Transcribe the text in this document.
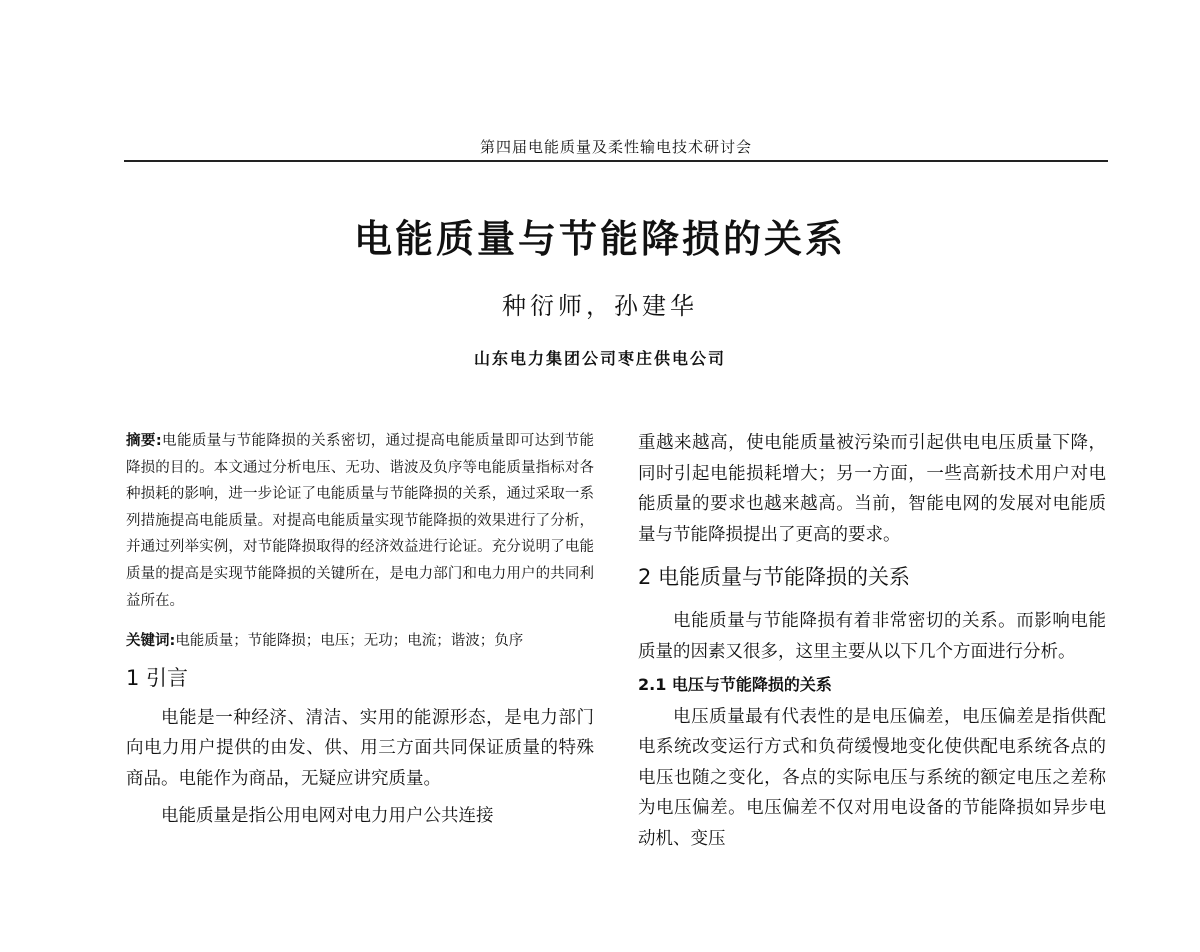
第四届电能质量及柔性输电技术研讨会
电能质量与节能降损的关系
种衍师，孙建华
山东电力集团公司枣庄供电公司

摘要:电能质量与节能降损的关系密切，通过提高电能质量即可达到节能降损的目的。本文通过分析电压、无功、谐波及负序等电能质量指标对各种损耗的影响，进一步论证了电能质量与节能降损的关系，通过采取一系列措施提高电能质量。对提高电能质量实现节能降损的效果进行了分析，并通过列举实例，对节能降损取得的经济效益进行论证。充分说明了电能质量的提高是实现节能降损的关键所在，是电力部门和电力用户的共同利益所在。

关键词:电能质量；节能降损；电压；无功；电流；谐波；负序

1 引言

电能是一种经济、清洁、实用的能源形态，是电力部门向电力用户提供的由发、供、用三方面共同保证质量的特殊商品。电能作为商品，无疑应讲究质量。

电能质量是指公用电网对电力用户公共连接

重越来越高，使电能质量被污染而引起供电电压质量下降，同时引起电能损耗增大；另一方面，一些高新技术用户对电能质量的要求也越来越高。当前，智能电网的发展对电能质量与节能降损提出了更高的要求。

2 电能质量与节能降损的关系

电能质量与节能降损有着非常密切的关系。而影响电能质量的因素又很多，这里主要从以下几个方面进行分析。

2.1 电压与节能降损的关系

电压质量最有代表性的是电压偏差，电压偏差是指供配电系统改变运行方式和负荷缓慢地变化使供配电系统各点的电压也随之变化，各点的实际电压与系统的额定电压之差称为电压偏差。电压偏差不仅对用电设备的节能降损如异步电动机、变压
